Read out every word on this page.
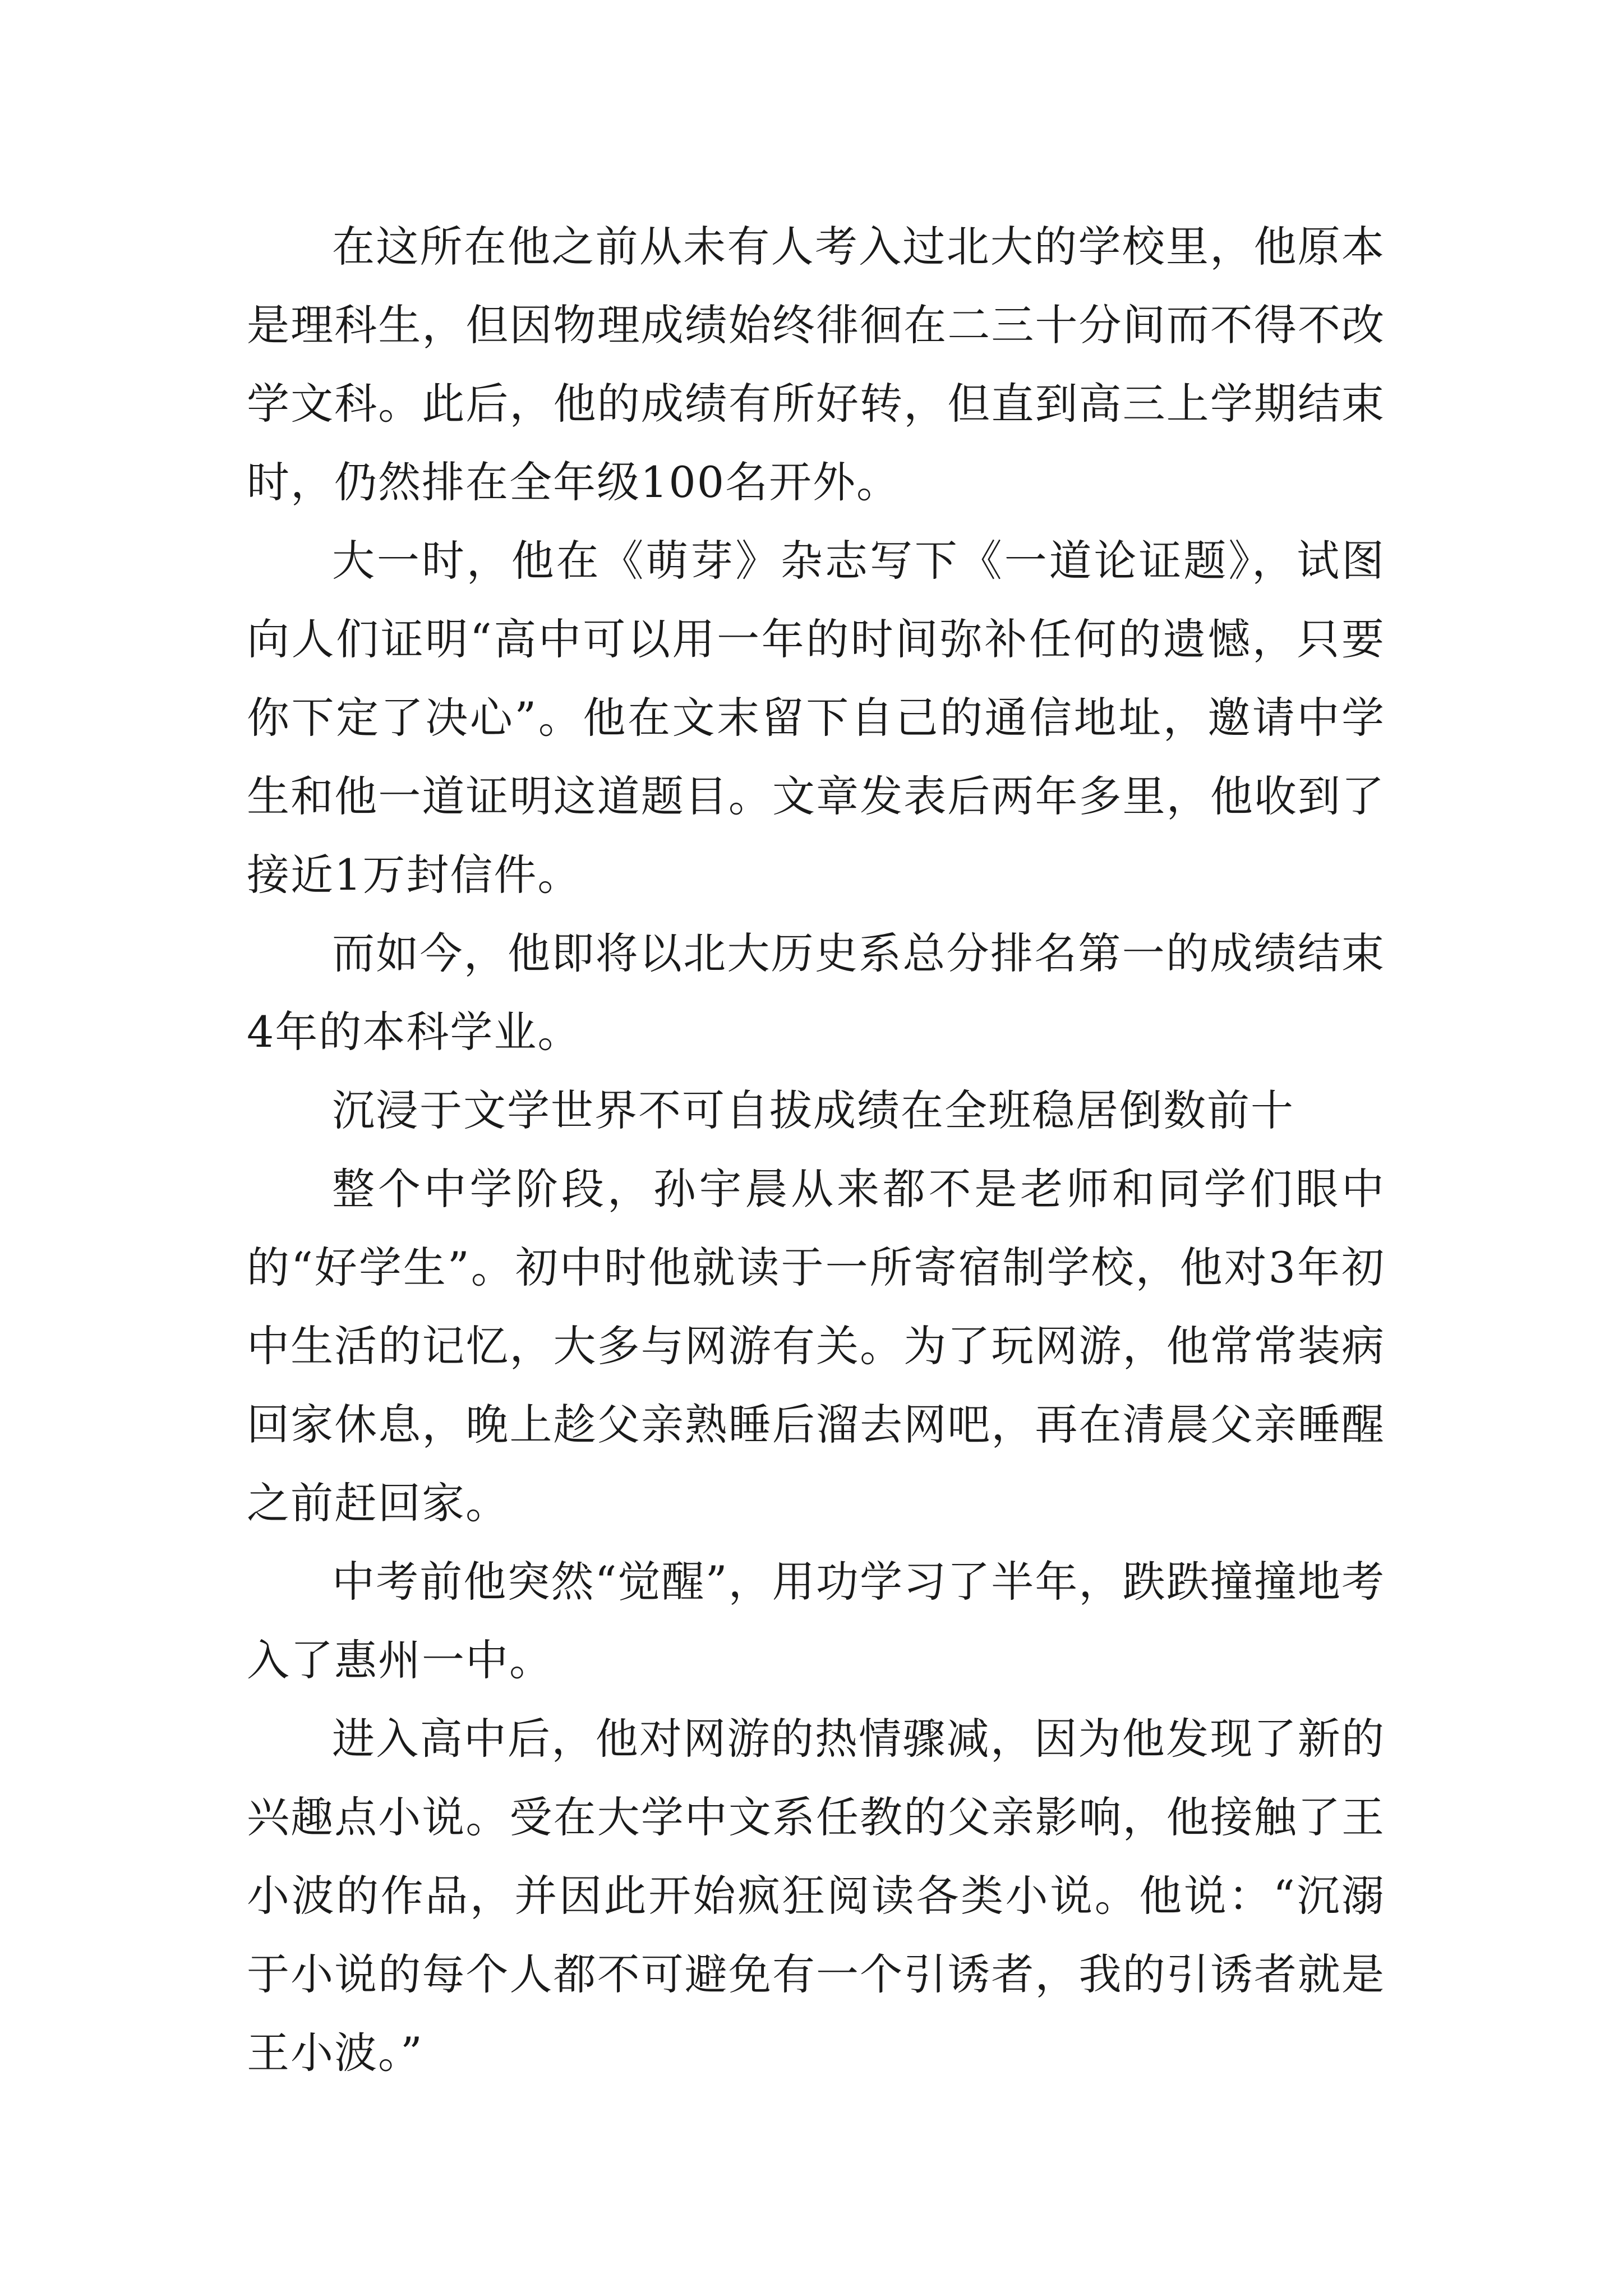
在这所在他之前从未有人考入过北大的学校里，他原本是理科生，但因物理成绩始终徘徊在二三十分间而不得不改学文科。此后，他的成绩有所好转，但直到高三上学期结束时，仍然排在全年级100名开外。

大一时，他在《萌芽》杂志写下《一道论证题》，试图向人们证明“高中可以用一年的时间弥补任何的遗憾，只要你下定了决心”。他在文末留下自己的通信地址，邀请中学生和他一道证明这道题目。文章发表后两年多里，他收到了接近1万封信件。

而如今，他即将以北大历史系总分排名第一的成绩结束4年的本科学业。

沉浸于文学世界不可自拔成绩在全班稳居倒数前十

整个中学阶段，孙宇晨从来都不是老师和同学们眼中的“好学生”。初中时他就读于一所寄宿制学校，他对3年初中生活的记忆，大多与网游有关。为了玩网游，他常常装病回家休息，晚上趁父亲熟睡后溜去网吧，再在清晨父亲睡醒之前赶回家。

中考前他突然“觉醒”，用功学习了半年，跌跌撞撞地考入了惠州一中。

进入高中后，他对网游的热情骤减，因为他发现了新的兴趣点小说。受在大学中文系任教的父亲影响，他接触了王小波的作品，并因此开始疯狂阅读各类小说。他说：“沉溺于小说的每个人都不可避免有一个引诱者，我的引诱者就是王小波。”
